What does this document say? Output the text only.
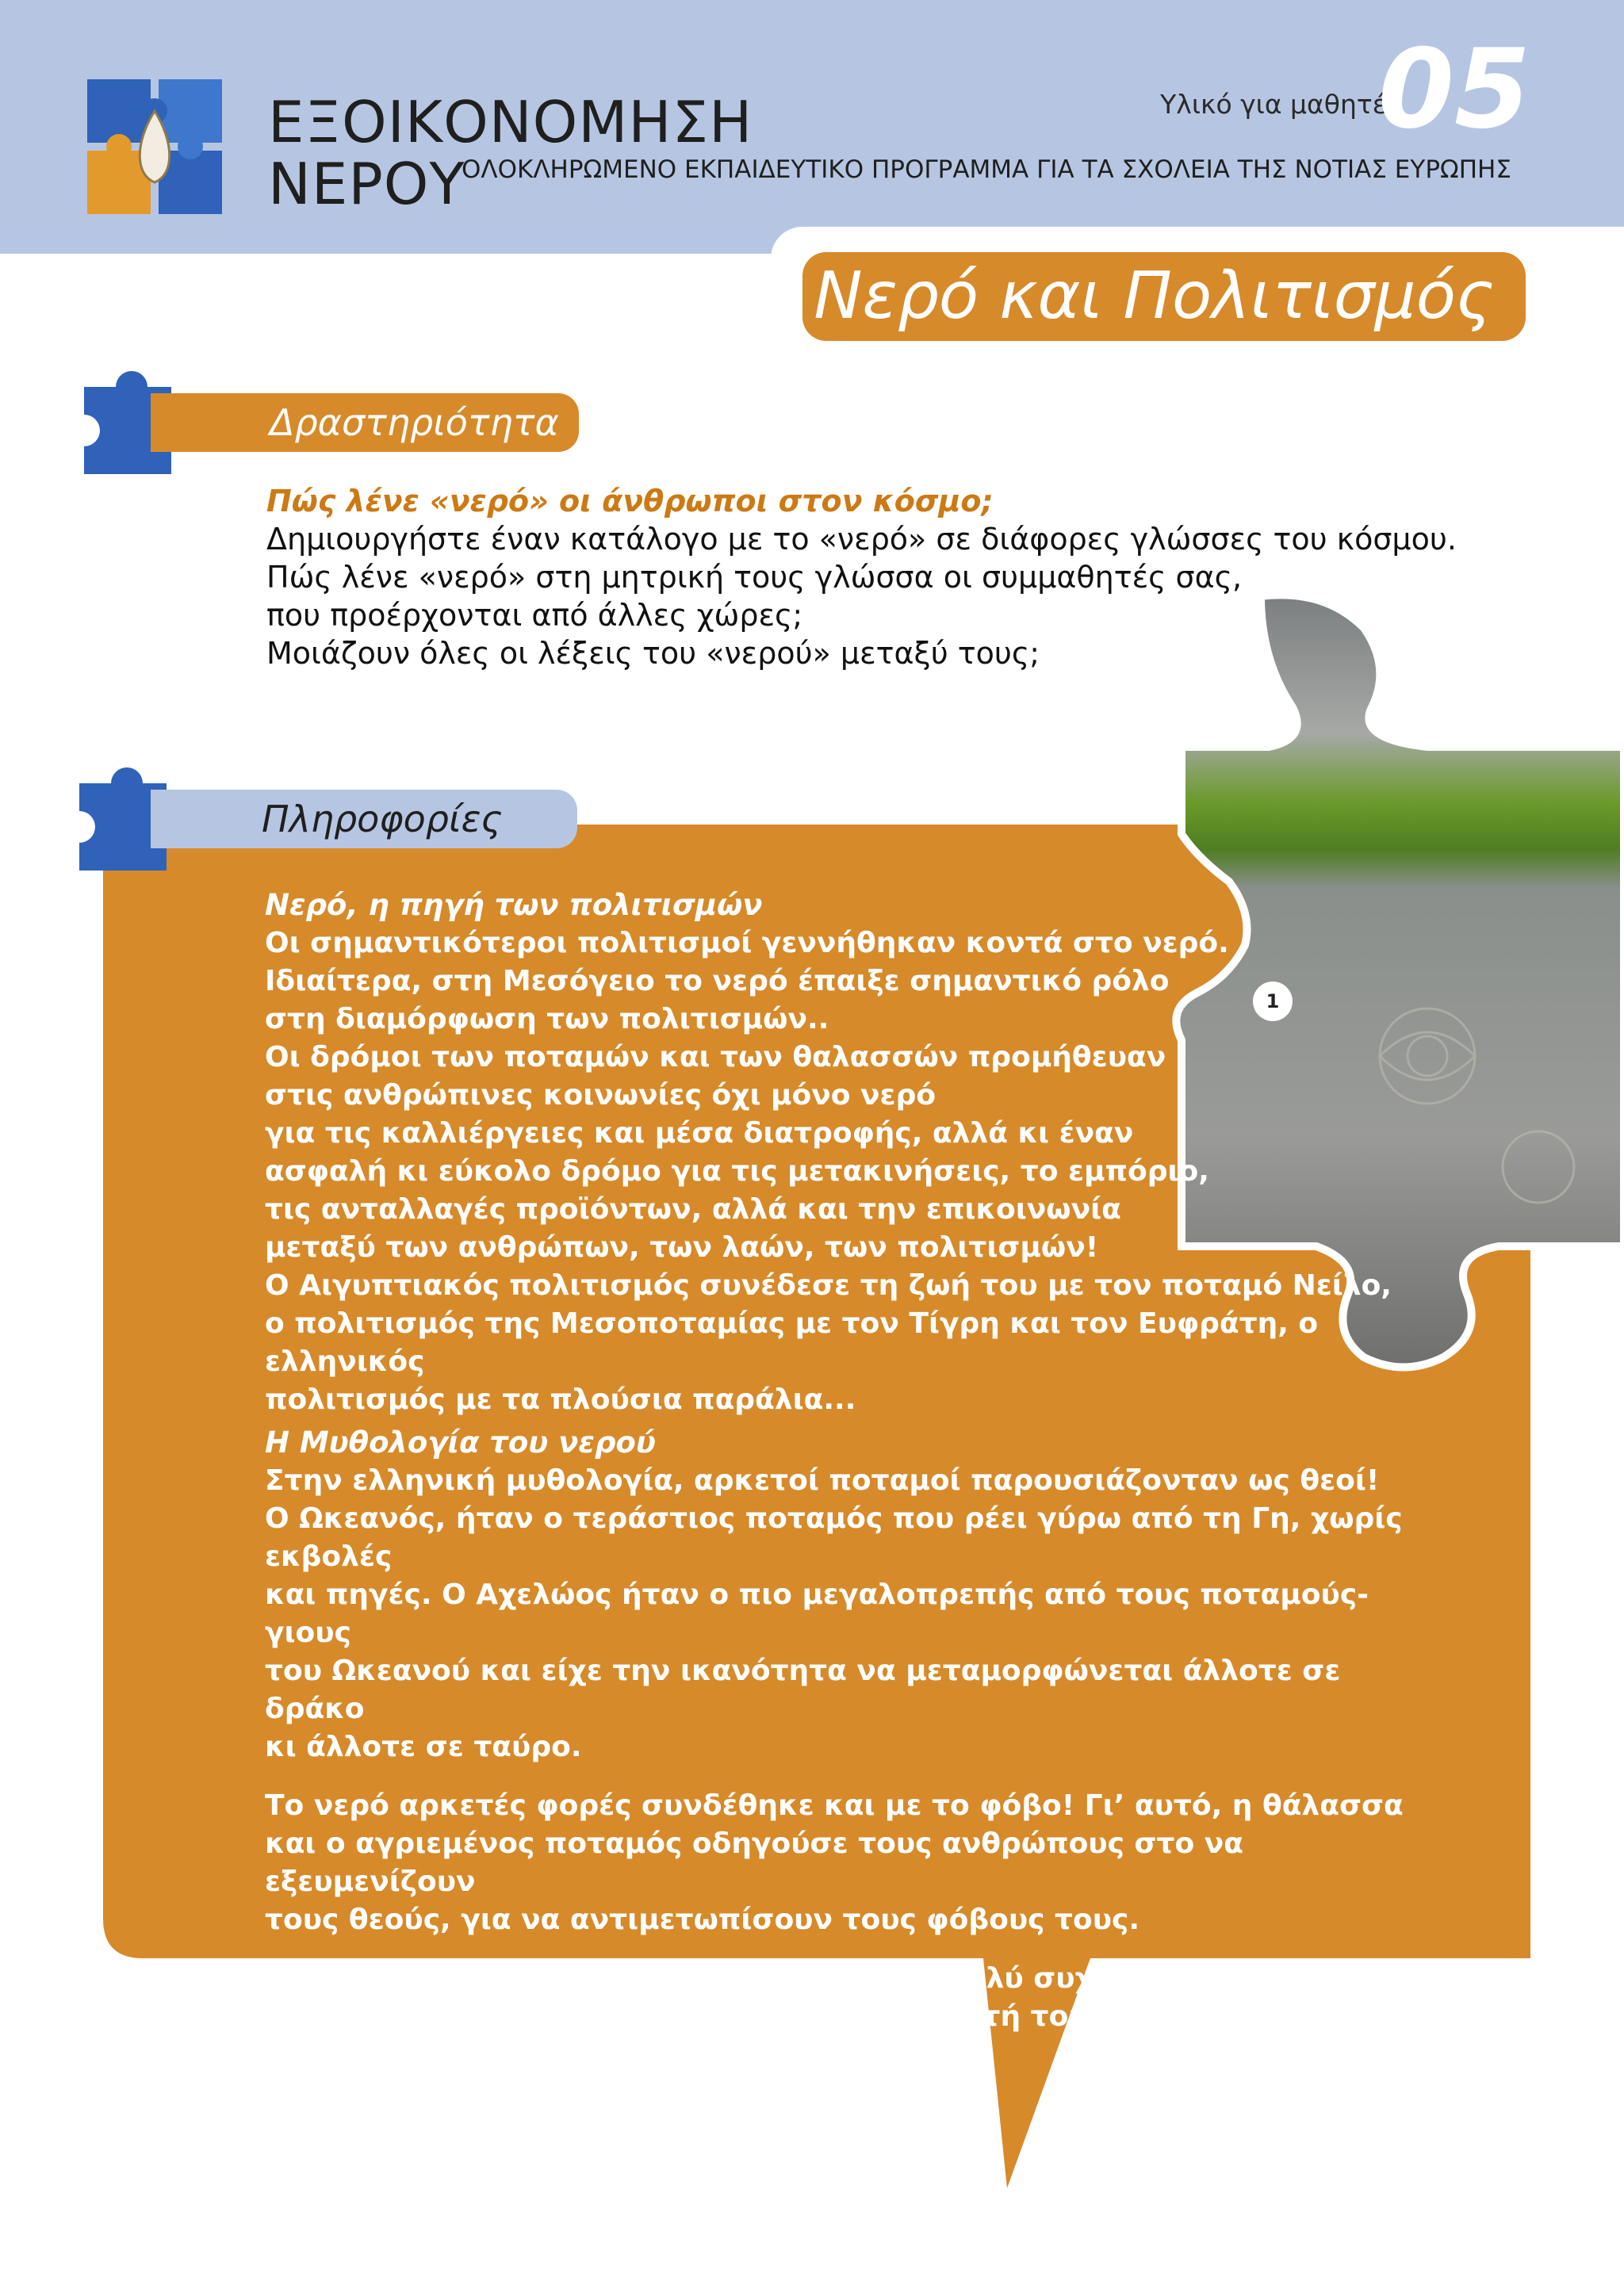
ΕΞΟΙΚΟΝΟΜΗΣΗ
ΝΕΡΟΥ
ΟΛΟΚΛΗΡΩΜΕΝΟ ΕΚΠΑΙΔΕΥΤΙΚΟ ΠΡΟΓΡΑΜΜΑ ΓΙΑ ΤΑ ΣΧΟΛΕΙΑ ΤΗΣ ΝΟΤΙΑΣ ΕΥΡΩΠΗΣ
Υλικό για μαθητές
05
Νερό και Πολιτισμός
Δραστηριότητα

Πώς λένε «νερό» οι άνθρωποι στον κόσμο;

Δημιουργήστε έναν κατάλογο με το «νερό» σε διάφορες γλώσσες του κόσμου.

Πώς λένε «νερό» στη μητρική τους γλώσσα οι συμμαθητές σας,

που προέρχονται από άλλες χώρες;

Μοιάζουν όλες οι λέξεις του «νερού» μεταξύ τους;

1
Πληροφορίες
Νερό, η πηγή των πολιτισμών

Οι σημαντικότεροι πολιτισμοί γεννήθηκαν κοντά στο νερό.

Ιδιαίτερα, στη Μεσόγειο το νερό έπαιξε σημαντικό ρόλο

στη διαμόρφωση των πολιτισμών..

Οι δρόμοι των ποταμών και των θαλασσών προμήθευαν

στις ανθρώπινες κοινωνίες όχι μόνο νερό

για τις καλλιέργειες και μέσα διατροφής, αλλά κι έναν

ασφαλή κι εύκολο δρόμο για τις μετακινήσεις, το εμπόριο,

τις ανταλλαγές προϊόντων, αλλά και την επικοινωνία

μεταξύ των ανθρώπων, των λαών, των πολιτισμών!

Ο Αιγυπτιακός πολιτισμός συνέδεσε τη ζωή του με τον ποταμό Νείλο,

ο πολιτισμός της Μεσοποταμίας με τον Τίγρη και τον Ευφράτη, ο ελληνικός

πολιτισμός με τα πλούσια παράλια...

Η Μυθολογία του νερού

Στην ελληνική μυθολογία, αρκετοί ποταμοί παρουσιάζονταν ως θεοί!

Ο Ωκεανός, ήταν ο τεράστιος ποταμός που ρέει γύρω από τη Γη, χωρίς εκβολές

και πηγές. Ο Αχελώος ήταν ο πιο μεγαλοπρεπής από τους ποταμούς-γιους

του Ωκεανού και είχε την ικανότητα να μεταμορφώνεται άλλοτε σε δράκο

κι άλλοτε σε ταύρο.

Το νερό αρκετές φορές συνδέθηκε και με το φόβο! Γι’ αυτό, η θάλασσα

και ο αγριεμένος ποταμός οδηγούσε τους ανθρώπους στο να εξευμενίζουν

τους θεούς, για να αντιμετωπίσουν τους φόβους τους.

Ο κατακλυσμός των νερών περιγράφεται, πολύ συχνά στη μυθολογία.

Η πιο γνωστή ιστορία κατακλυσμού είναι αυτή του Νώε και της Κιβωτού του,

από την Παλαιά Διαθήκη.
